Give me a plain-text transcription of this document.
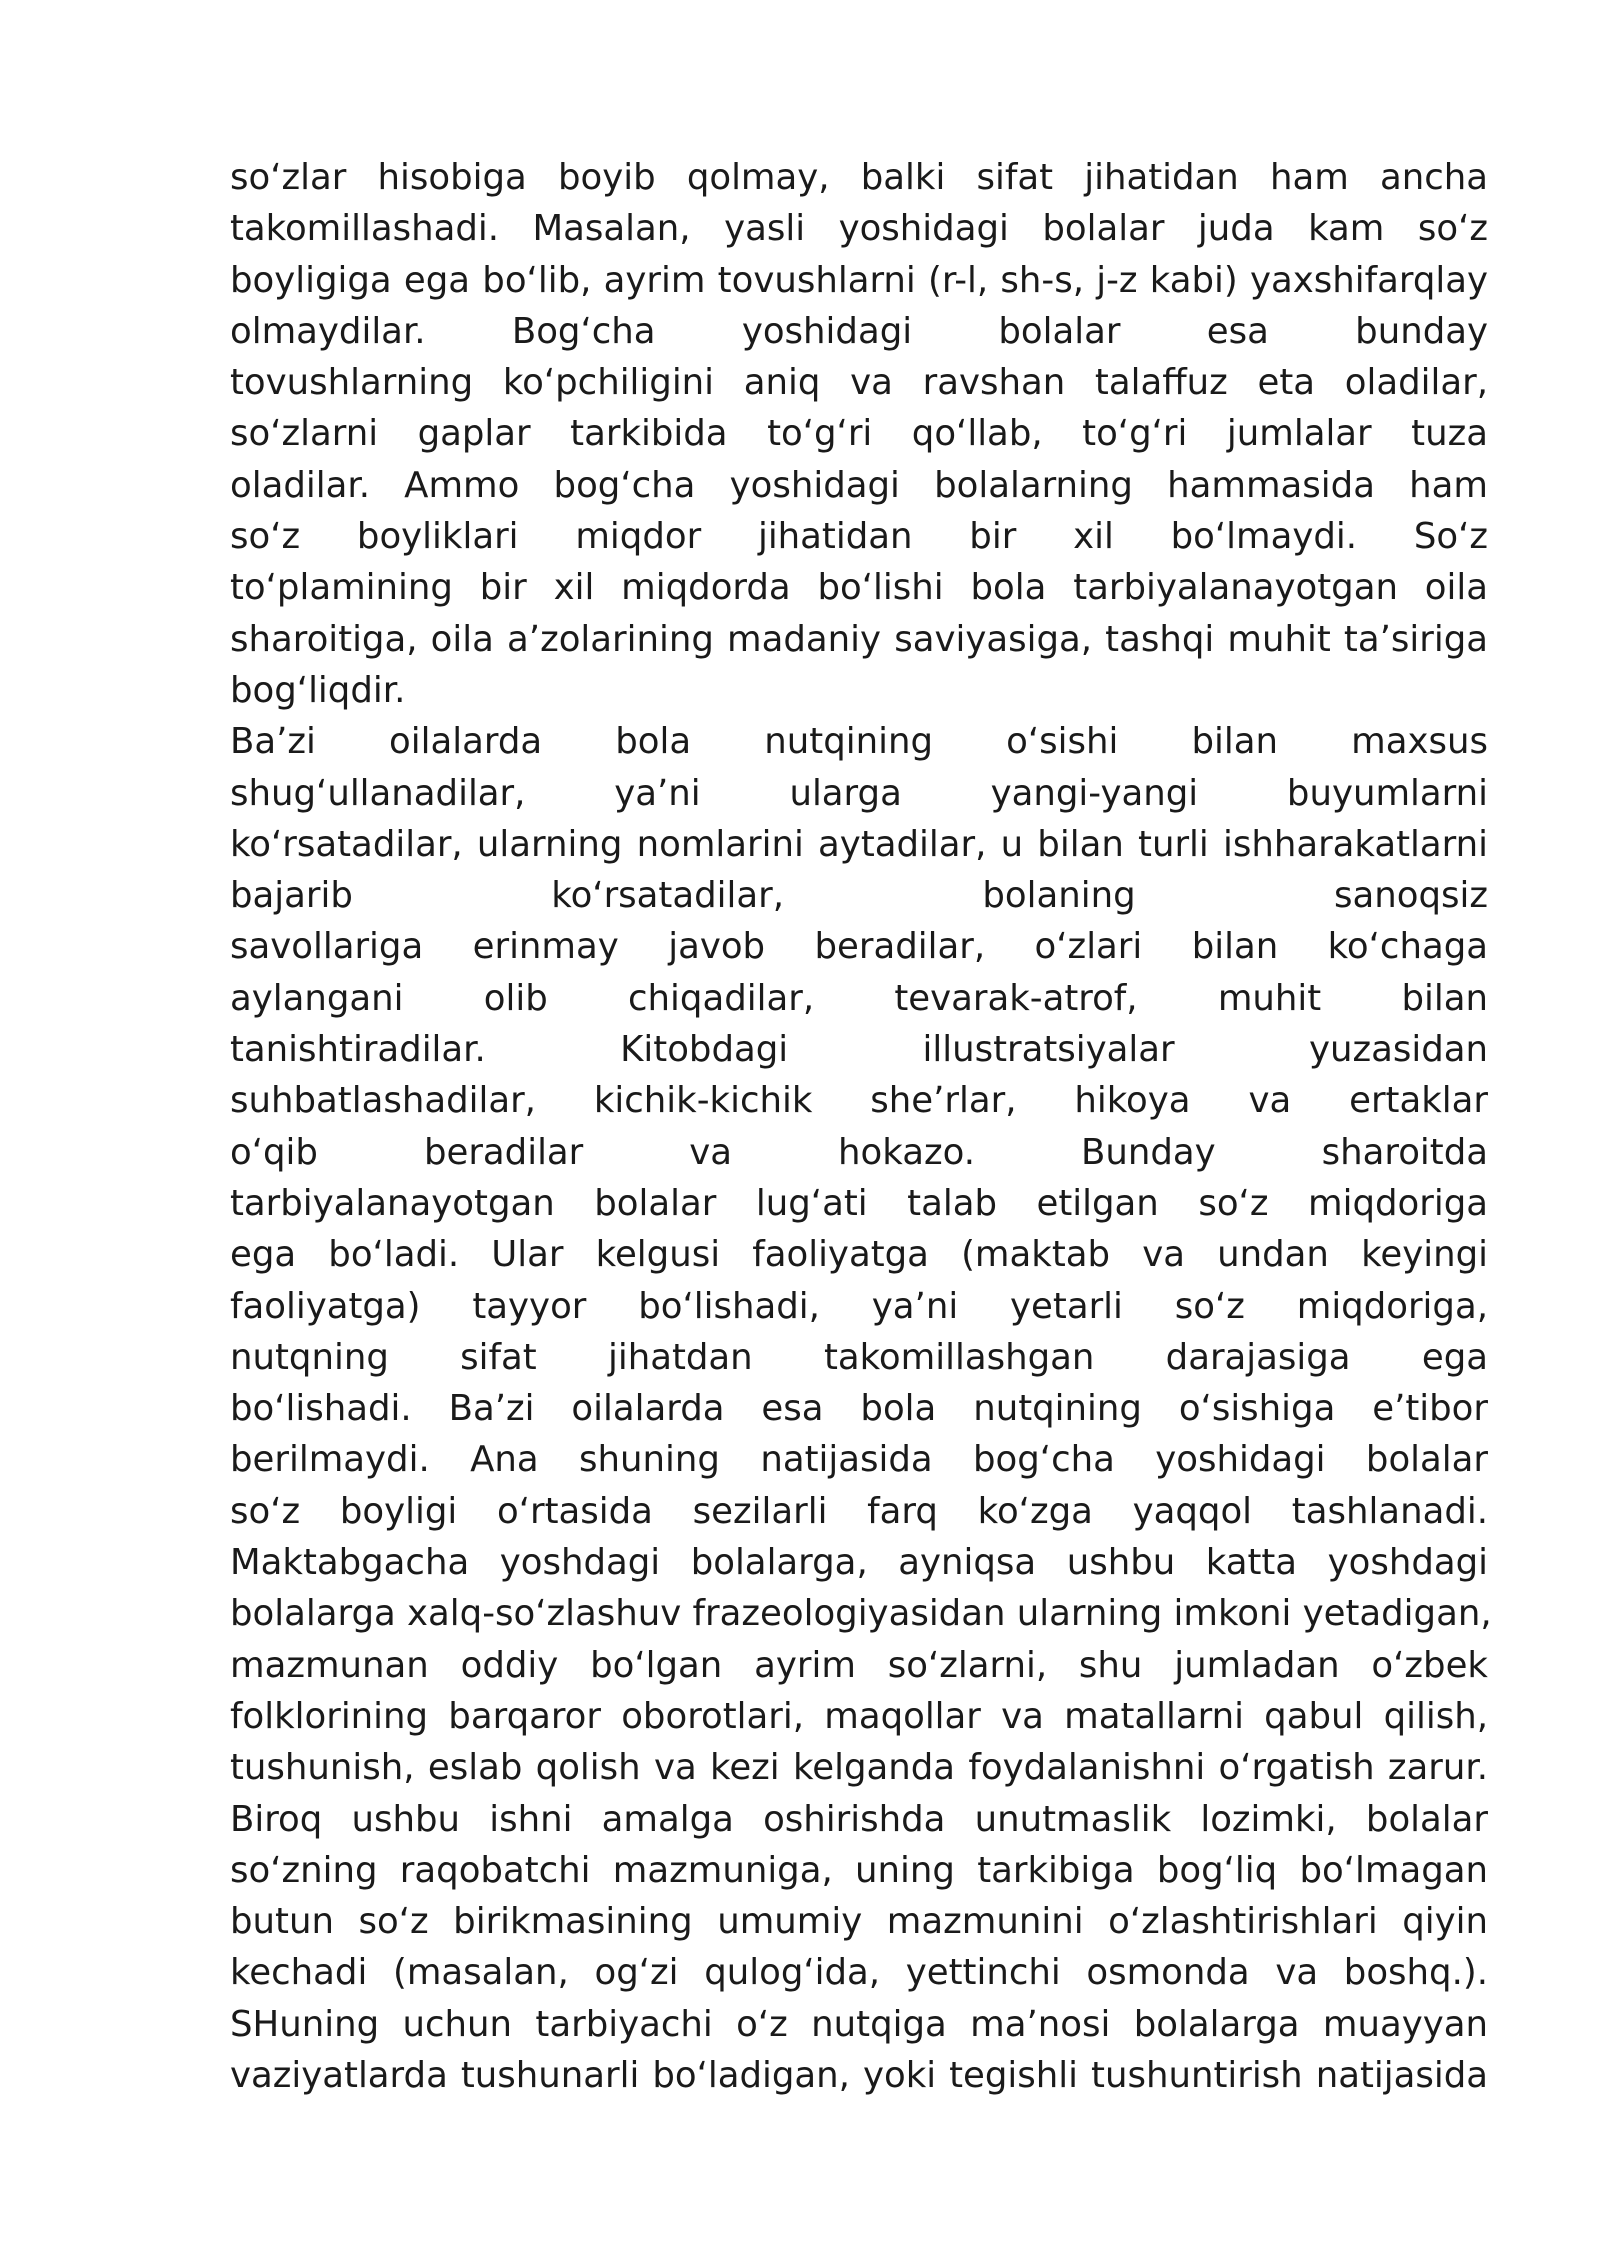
so‘zlar hisobiga boyib qolmay, balki sifat jihatidan ham ancha
takomillashadi. Masalan, yasli yoshidagi bolalar juda kam so‘z
boyligiga ega bo‘lib, ayrim tovushlarni (r-l, sh-s, j-z kabi) yaxshifarqlay
olmaydilar. Bog‘cha yoshidagi bolalar esa bunday
tovushlarning ko‘pchiligini aniq va ravshan talaffuz eta oladilar,
so‘zlarni gaplar tarkibida to‘g‘ri qo‘llab, to‘g‘ri jumlalar tuza
oladilar. Ammo bog‘cha yoshidagi bolalarning hammasida ham
so‘z boyliklari miqdor jihatidan bir xil bo‘lmaydi. So‘z
to‘plamining bir xil miqdorda bo‘lishi bola tarbiyalanayotgan oila
sharoitiga, oila a’zolarining madaniy saviyasiga, tashqi muhit ta’siriga
bog‘liqdir.
Ba’zi oilalarda bola nutqining o‘sishi bilan maxsus
shug‘ullanadilar, ya’ni ularga yangi-yangi buyumlarni
ko‘rsatadilar, ularning nomlarini aytadilar, u bilan turli ishharakatlarni
bajarib ko‘rsatadilar, bolaning sanoqsiz
savollariga erinmay javob beradilar, o‘zlari bilan ko‘chaga
aylangani olib chiqadilar, tevarak-atrof, muhit bilan
tanishtiradilar. Kitobdagi illustratsiyalar yuzasidan
suhbatlashadilar, kichik-kichik she’rlar, hikoya va ertaklar
o‘qib beradilar va hokazo. Bunday sharoitda
tarbiyalanayotgan bolalar lug‘ati talab etilgan so‘z miqdoriga
ega bo‘ladi. Ular kelgusi faoliyatga (maktab va undan keyingi
faoliyatga) tayyor bo‘lishadi, ya’ni yetarli so‘z miqdoriga,
nutqning sifat jihatdan takomillashgan darajasiga ega
bo‘lishadi. Ba’zi oilalarda esa bola nutqining o‘sishiga e’tibor
berilmaydi. Ana shuning natijasida bog‘cha yoshidagi bolalar
so‘z boyligi o‘rtasida sezilarli farq ko‘zga yaqqol tashlanadi.
Maktabgacha yoshdagi bolalarga, ayniqsa ushbu katta yoshdagi
bolalarga xalq-so‘zlashuv frazeologiyasidan ularning imkoni yetadigan,
mazmunan oddiy bo‘lgan ayrim so‘zlarni, shu jumladan o‘zbek
folklorining barqaror oborotlari, maqollar va matallarni qabul qilish,
tushunish, eslab qolish va kezi kelganda foydalanishni o‘rgatish zarur.
Biroq ushbu ishni amalga oshirishda unutmaslik lozimki, bolalar
so‘zning raqobatchi mazmuniga, uning tarkibiga bog‘liq bo‘lmagan
butun so‘z birikmasining umumiy mazmunini o‘zlashtirishlari qiyin
kechadi (masalan, og‘zi qulog‘ida, yettinchi osmonda va boshq.).
SHuning uchun tarbiyachi o‘z nutqiga ma’nosi bolalarga muayyan
vaziyatlarda tushunarli bo‘ladigan, yoki tegishli tushuntirish natijasida
